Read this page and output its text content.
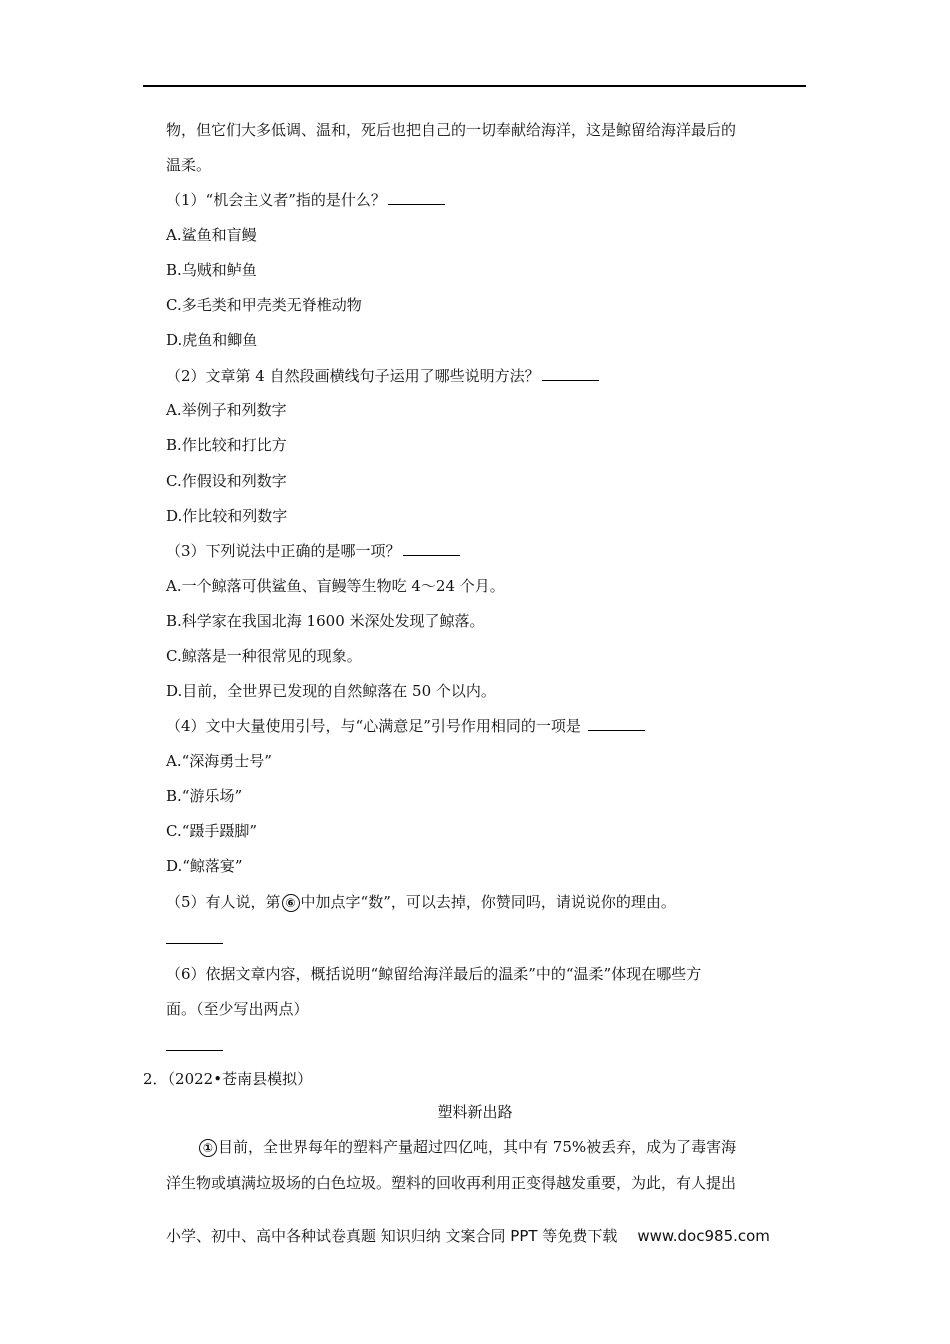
物，但它们大多低调、温和，死后也把自己的一切奉献给海洋，这是鲸留给海洋最后的
温柔。
（1）“机会主义者”指的是什么？
A.鲨鱼和盲鳗
B.乌贼和鲈鱼
C.多毛类和甲壳类无脊椎动物
D.虎鱼和鲫鱼
（2）文章第 4 自然段画横线句子运用了哪些说明方法？
A.举例子和列数字
B.作比较和打比方
C.作假设和列数字
D.作比较和列数字
（3）下列说法中正确的是哪一项？
A.一个鲸落可供鲨鱼、盲鳗等生物吃 4～24 个月。
B.科学家在我国北海 1600 米深处发现了鲸落。
C.鲸落是一种很常见的现象。
D.目前，全世界已发现的自然鲸落在 50 个以内。
（4）文中大量使用引号，与“心满意足”引号作用相同的一项是
A.“深海勇士号”
B.“游乐场”
C.“蹑手蹑脚”
D.“鲸落宴”
（5）有人说，第 ⑥ 中加点字“数”，可以去掉，你赞同吗，请说说你的理由。
（6）依据文章内容，概括说明“鲸留给海洋最后的温柔”中的“温柔”体现在哪些方
面。（至少写出两点）
2．（2022•苍南县模拟）
塑料新出路
① 目前，全世界每年的塑料产量超过四亿吨，其中有 75%被丢弃，成为了毒害海
洋生物或填满垃圾场的白色垃圾。塑料的回收再利用正变得越发重要，为此，有人提出
小学、初中、高中各种试卷真题 知识归纳 文案合同 PPT 等免费下载 www.doc985.com
